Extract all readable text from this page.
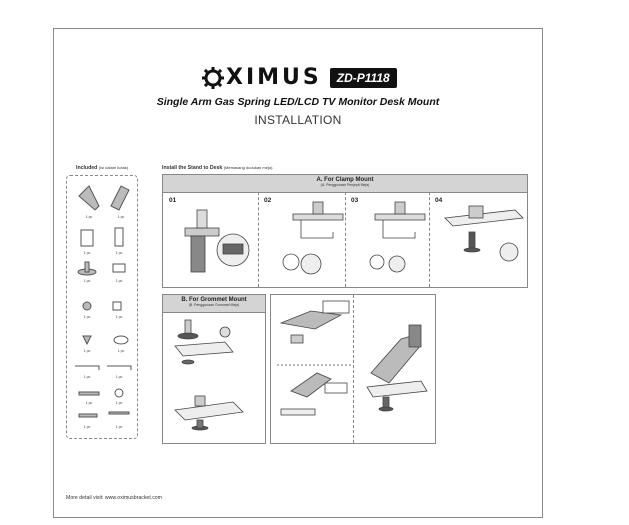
XIMUS	ZD-P1118
Single Arm Gas Spring LED/LCD TV Monitor Desk Mount
INSTALLATION
Included (Isi dalam kotak)
1 pc	1 pc
1 pc	1 pc
1 pc	1 pc
1 pc	1 pc
1 pc	1 pc
1 pc	1 pc
1 pc	1 pc
1 pc	1 pc
Install the Stand to Desk (Memasang dudukan meja)
A. For Clamp Mount
(A. Penggunaan Penjepit Meja)
01	02	03	04
B. For Grommet Mount
(B. Penggunaan Grommet Meja)
More detail visit: www.oximusbracket.com
